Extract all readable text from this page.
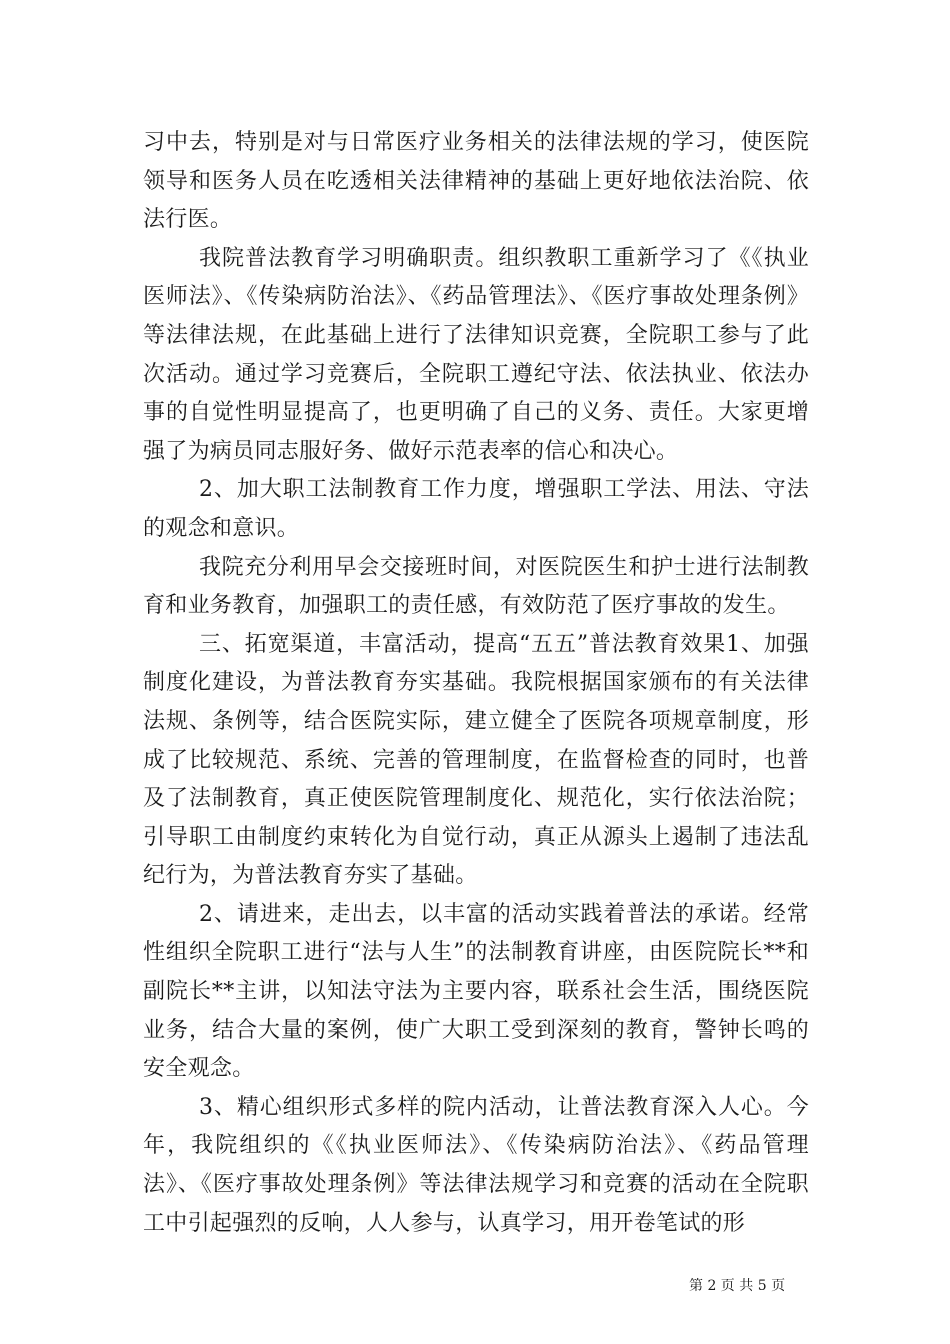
习中去，特别是对与日常医疗业务相关的法律法规的学习，使医院领导和医务人员在吃透相关法律精神的基础上更好地依法治院、依法行医。

我院普法教育学习明确职责。组织教职工重新学习了《《执业医师法》、《传染病防治法》、《药品管理法》、《医疗事故处理条例》等法律法规，在此基础上进行了法律知识竞赛，全院职工参与了此次活动。通过学习竞赛后，全院职工遵纪守法、依法执业、依法办事的自觉性明显提高了，也更明确了自己的义务、责任。大家更增强了为病员同志服好务、做好示范表率的信心和决心。

2、加大职工法制教育工作力度，增强职工学法、用法、守法的观念和意识。

我院充分利用早会交接班时间，对医院医生和护士进行法制教育和业务教育，加强职工的责任感，有效防范了医疗事故的发生。

三、拓宽渠道，丰富活动，提高“五五”普法教育效果1、加强制度化建设，为普法教育夯实基础。我院根据国家颁布的有关法律法规、条例等，结合医院实际，建立健全了医院各项规章制度，形成了比较规范、系统、完善的管理制度，在监督检查的同时，也普及了法制教育，真正使医院管理制度化、规范化，实行依法治院；引导职工由制度约束转化为自觉行动，真正从源头上遏制了违法乱纪行为，为普法教育夯实了基础。

2、请进来，走出去，以丰富的活动实践着普法的承诺。经常性组织全院职工进行“法与人生”的法制教育讲座，由医院院长**和副院长**主讲，以知法守法为主要内容，联系社会生活，围绕医院业务，结合大量的案例，使广大职工受到深刻的教育，警钟长鸣的安全观念。

3、精心组织形式多样的院内活动，让普法教育深入人心。今年，我院组织的《《执业医师法》、《传染病防治法》、《药品管理法》、《医疗事故处理条例》等法律法规学习和竞赛的活动在全院职工中引起强烈的反响，人人参与，认真学习，用开卷笔试的形

第 2 页 共 5 页
